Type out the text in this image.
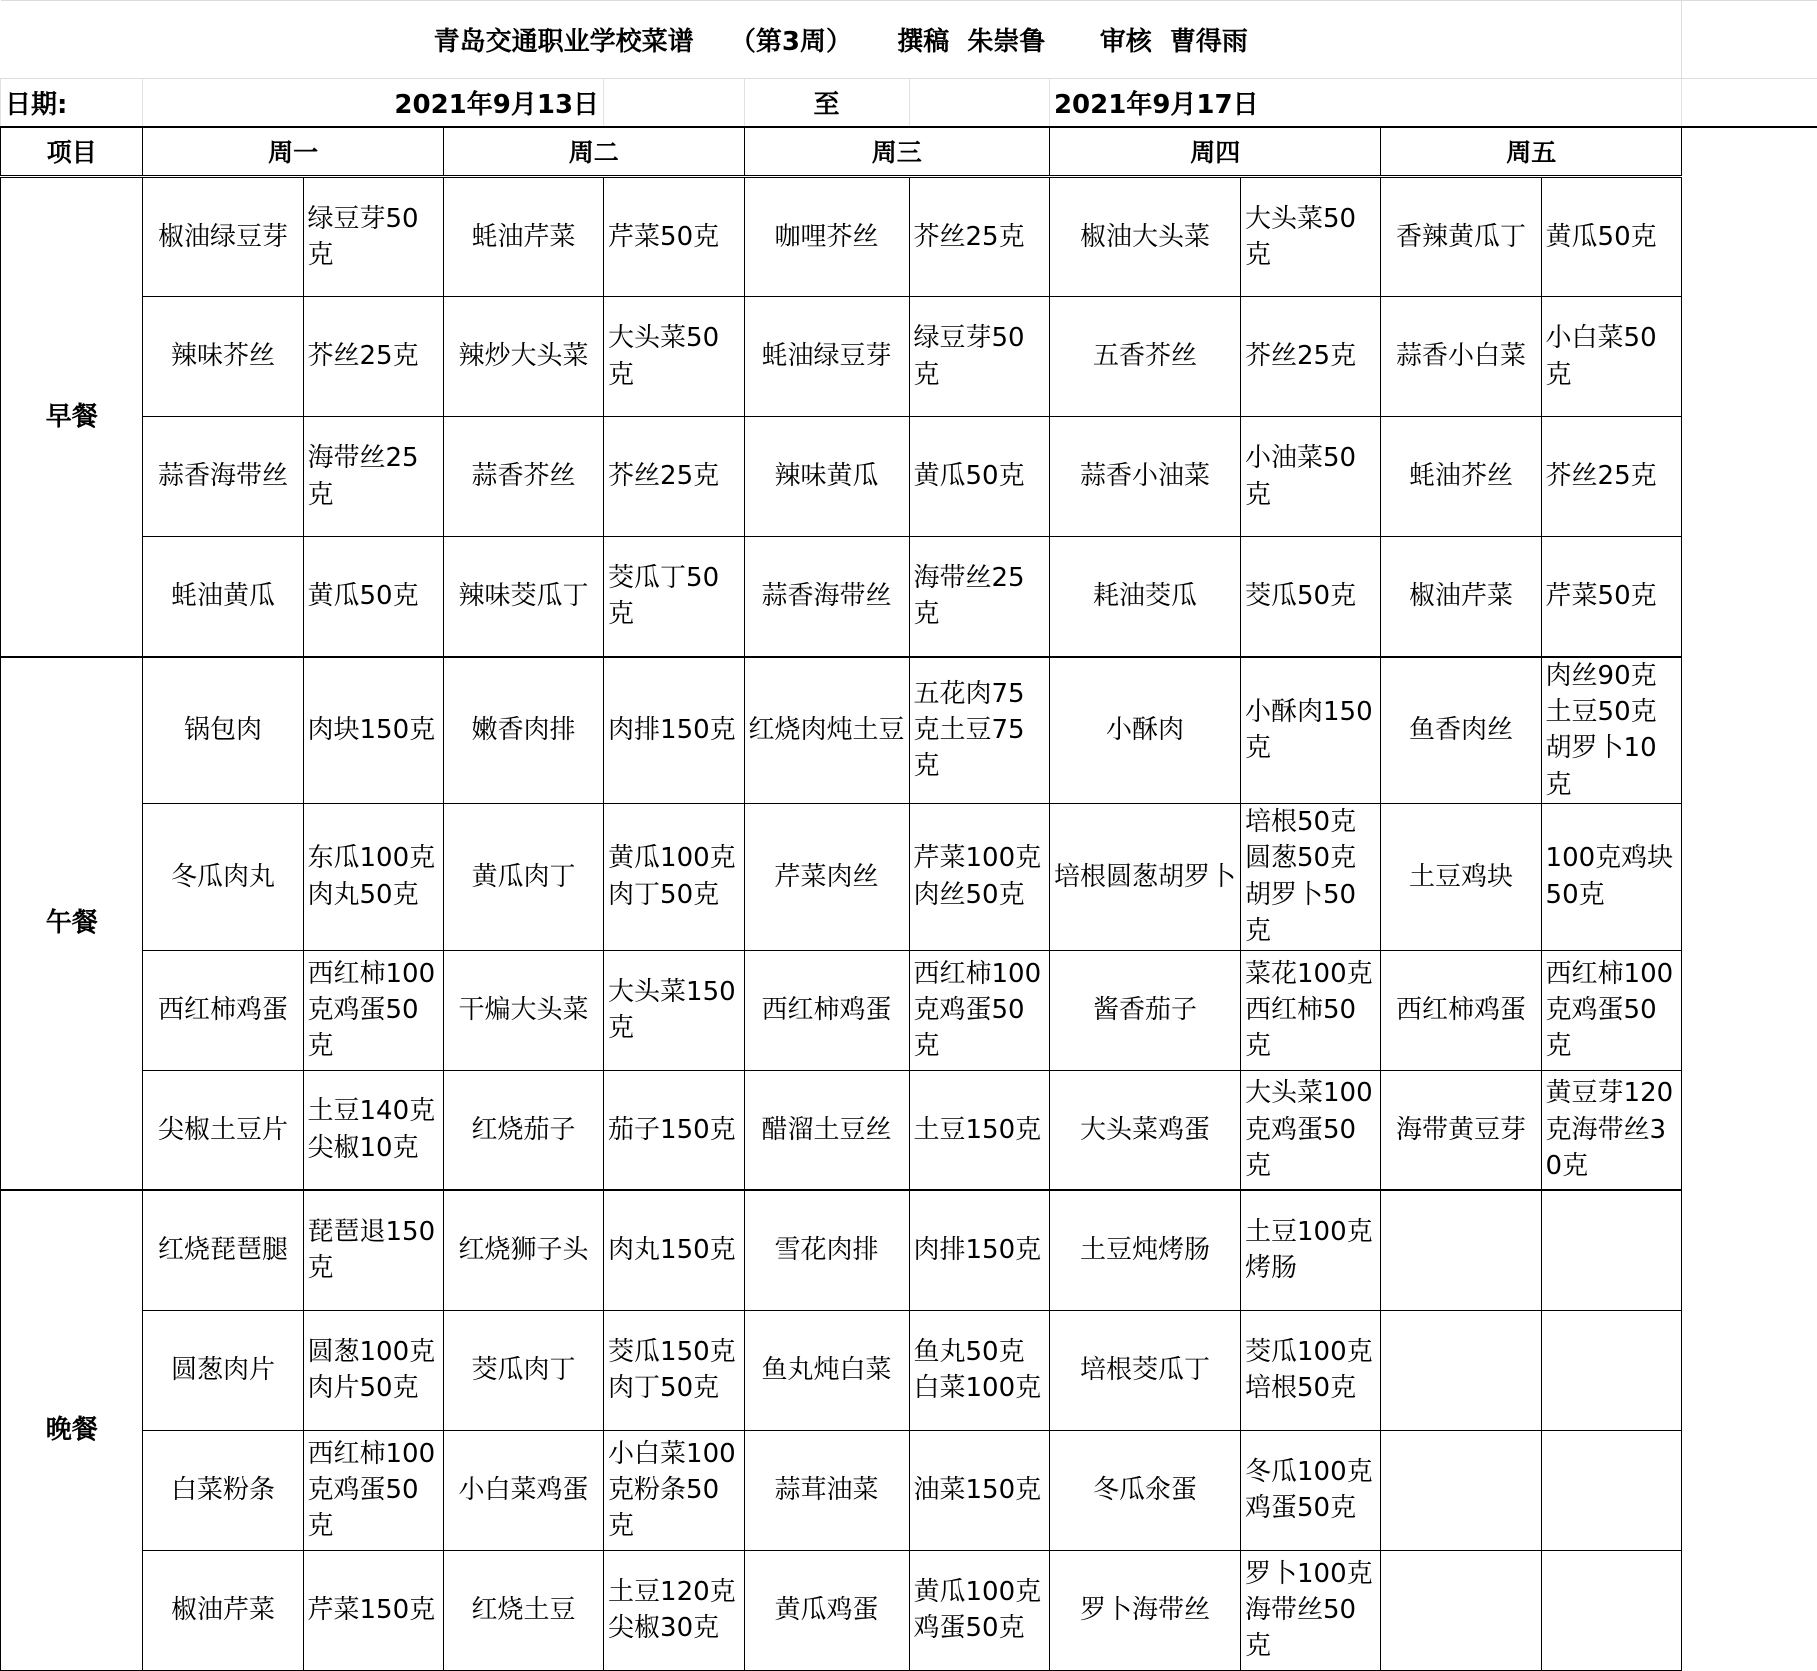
青岛交通职业学校菜谱 （第3周） 撰稿 朱崇鲁 审核 曹得雨											
日期:	2021年9月13日				至		2021年9月17日				
项目	周一		周二		周三		周四		周五		
早餐	椒油绿豆芽	绿豆芽50克	蚝油芹菜	芹菜50克	咖哩芥丝	芥丝25克	椒油大头菜	大头菜50克	香辣黄瓜丁	黄瓜50克	
	辣味芥丝	芥丝25克	辣炒大头菜	大头菜50克	蚝油绿豆芽	绿豆芽50克	五香芥丝	芥丝25克	蒜香小白菜	小白菜50克	
	蒜香海带丝	海带丝25克	蒜香芥丝	芥丝25克	辣味黄瓜	黄瓜50克	蒜香小油菜	小油菜50克	蚝油芥丝	芥丝25克	
	蚝油黄瓜	黄瓜50克	辣味茭瓜丁	茭瓜丁50克	蒜香海带丝	海带丝25克	耗油茭瓜	茭瓜50克	椒油芹菜	芹菜50克	
午餐	锅包肉	肉块150克	嫩香肉排	肉排150克	红烧肉炖土豆	五花肉75克土豆75克	小酥肉	小酥肉150克	鱼香肉丝	肉丝90克土豆50克胡罗卜10克	
	冬瓜肉丸	东瓜100克肉丸50克	黄瓜肉丁	黄瓜100克肉丁50克	芹菜肉丝	芹菜100克肉丝50克	培根圆葱胡罗卜	培根50克圆葱50克胡罗卜50克	土豆鸡块	100克鸡块50克	
	西红柿鸡蛋	西红柿100克鸡蛋50克	干煸大头菜	大头菜150克	西红柿鸡蛋	西红柿100克鸡蛋50克	酱香茄子	菜花100克西红柿50克	西红柿鸡蛋	西红柿100克鸡蛋50克	
	尖椒土豆片	土豆140克尖椒10克	红烧茄子	茄子150克	醋溜土豆丝	土豆150克	大头菜鸡蛋	大头菜100克鸡蛋50克	海带黄豆芽	黄豆芽120克海带丝30克	
晚餐	红烧琵琶腿	琵琶退150克	红烧狮子头	肉丸150克	雪花肉排	肉排150克	土豆炖烤肠	土豆100克烤肠			
	圆葱肉片	圆葱100克肉片50克	茭瓜肉丁	茭瓜150克肉丁50克	鱼丸炖白菜	鱼丸50克白菜100克	培根茭瓜丁	茭瓜100克培根50克			
	白菜粉条	西红柿100克鸡蛋50克	小白菜鸡蛋	小白菜100克粉条50克	蒜茸油菜	油菜150克	冬瓜氽蛋	冬瓜100克鸡蛋50克			
	椒油芹菜	芹菜150克	红烧土豆	土豆120克尖椒30克	黄瓜鸡蛋	黄瓜100克鸡蛋50克	罗卜海带丝	罗卜100克海带丝50克			
